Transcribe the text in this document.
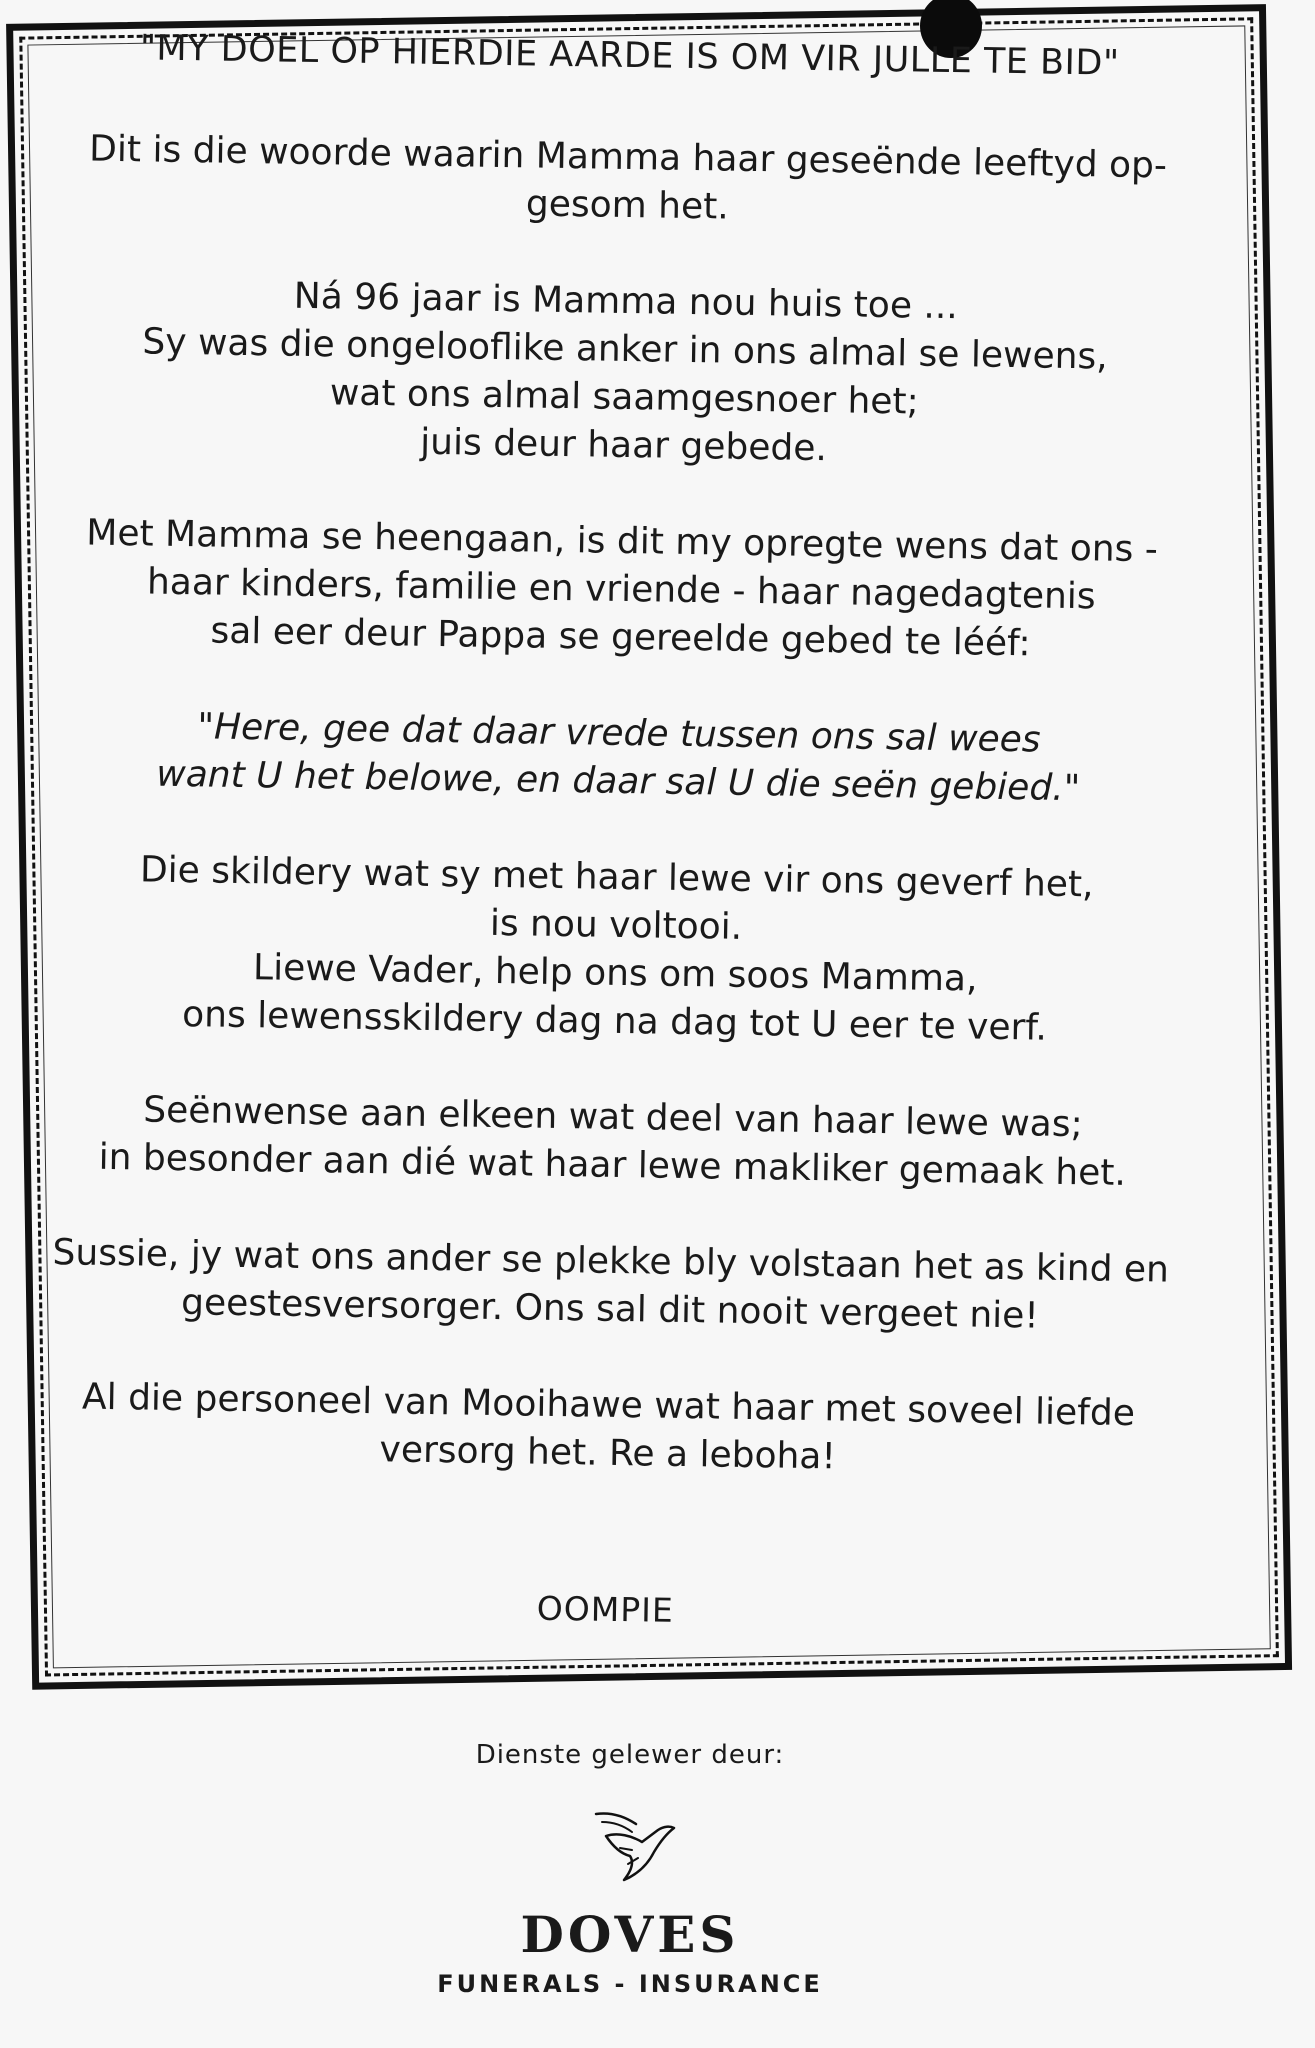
"MY DOEL OP HIERDIE AARDE IS OM VIR JULLE TE BID"

Dit is die woorde waarin Mamma haar geseënde leeftyd op-
gesom het.

Ná 96 jaar is Mamma nou huis toe ...
Sy was die ongelooflike anker in ons almal se lewens,
wat ons almal saamgesnoer het;
juis deur haar gebede.

Met Mamma se heengaan, is dit my opregte wens dat ons -
haar kinders, familie en vriende - haar nagedagtenis
sal eer deur Pappa se gereelde gebed te lééf:

"Here, gee dat daar vrede tussen ons sal wees
want U het belowe, en daar sal U die seën gebied."

Die skildery wat sy met haar lewe vir ons geverf het,
is nou voltooi.
Liewe Vader, help ons om soos Mamma,
ons lewensskildery dag na dag tot U eer te verf.

Seënwense aan elkeen wat deel van haar lewe was;
in besonder aan dié wat haar lewe makliker gemaak het.

Sussie, jy wat ons ander se plekke bly volstaan het as kind en
geestesversorger. Ons sal dit nooit vergeet nie!

Al die personeel van Mooihawe wat haar met soveel liefde
versorg het. Re a leboha!

OOMPIE
Dienste gelewer deur:
DOVES
FUNERALS - INSURANCE
